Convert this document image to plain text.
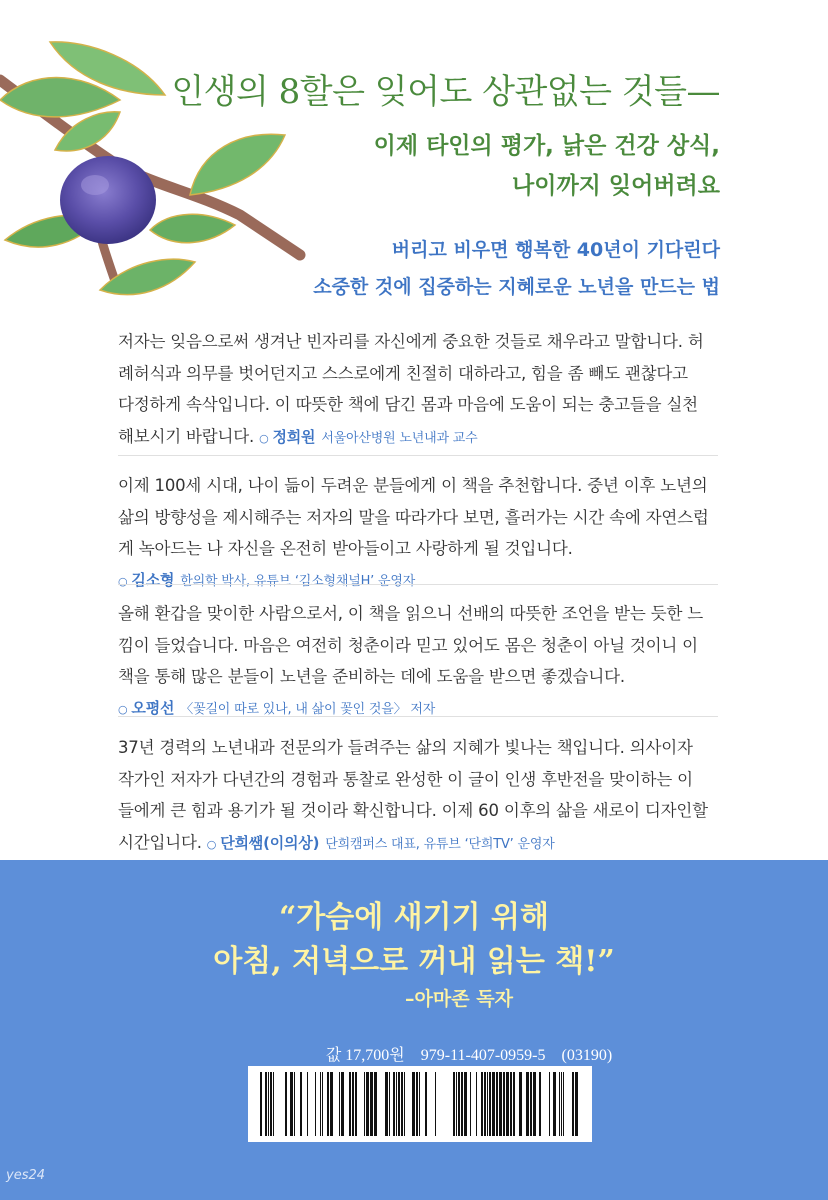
인생의 8할은 잊어도 상관없는 것들—
이제 타인의 평가, 낡은 건강 상식,
나이까지 잊어버려요
버리고 비우면 행복한 40년이 기다린다
소중한 것에 집중하는 지혜로운 노년을 만드는 법

저자는 잊음으로써 생겨난 빈자리를 자신에게 중요한 것들로 채우라고 말합니다. 허

례허식과 의무를 벗어던지고 스스로에게 친절히 대하라고, 힘을 좀 빼도 괜찮다고

다정하게 속삭입니다. 이 따뜻한 책에 담긴 몸과 마음에 도움이 되는 충고들을 실천

해보시기 바랍니다. ○ 정희원 서울아산병원 노년내과 교수

이제 100세 시대, 나이 듦이 두려운 분들에게 이 책을 추천합니다. 중년 이후 노년의

삶의 방향성을 제시해주는 저자의 말을 따라가다 보면, 흘러가는 시간 속에 자연스럽

게 녹아드는 나 자신을 온전히 받아들이고 사랑하게 될 것입니다.

○ 김소형 한의학 박사, 유튜브 ‘김소형채널H’ 운영자

올해 환갑을 맞이한 사람으로서, 이 책을 읽으니 선배의 따뜻한 조언을 받는 듯한 느

낌이 들었습니다. 마음은 여전히 청춘이라 믿고 있어도 몸은 청춘이 아닐 것이니 이

책을 통해 많은 분들이 노년을 준비하는 데에 도움을 받으면 좋겠습니다.

○ 오평선 〈꽃길이 따로 있나, 내 삶이 꽃인 것을〉 저자

37년 경력의 노년내과 전문의가 들려주는 삶의 지혜가 빛나는 책입니다. 의사이자

작가인 저자가 다년간의 경험과 통찰로 완성한 이 글이 인생 후반전을 맞이하는 이

들에게 큰 힘과 용기가 될 것이라 확신합니다. 이제 60 이후의 삶을 새로이 디자인할

시간입니다. ○ 단희쌤(이의상) 단희캠퍼스 대표, 유튜브 ‘단희TV’ 운영자

“가슴에 새기기 위해
아침, 저녁으로 꺼내 읽는 책!”
–아마존 독자
값 17,700원 979-11-407-0959-5 (03190)
yes24
